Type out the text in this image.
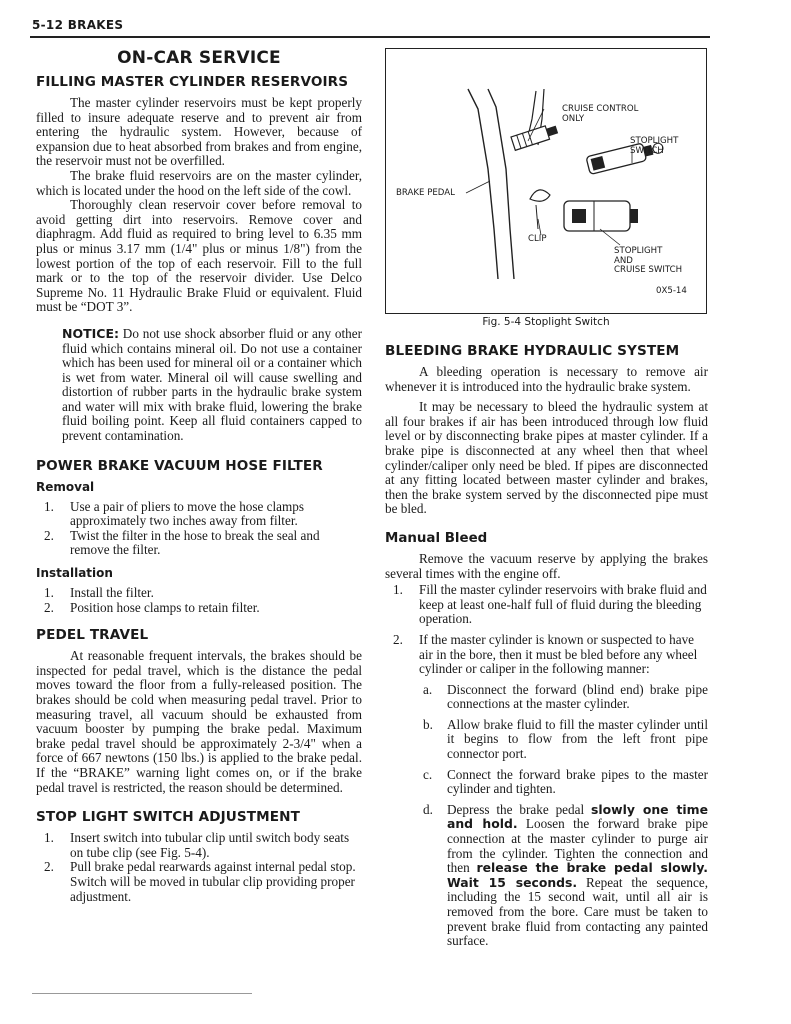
5-12 BRAKES
ON-CAR SERVICE
FILLING MASTER CYLINDER RESERVOIRS

The master cylinder reservoirs must be kept properly filled to insure adequate reserve and to prevent air from entering the hydraulic system. However, because of expansion due to heat absorbed from brakes and from engine, the reservoir must not be overfilled.

The brake fluid reservoirs are on the master cylinder, which is located under the hood on the left side of the cowl.

Thoroughly clean reservoir cover before removal to avoid getting dirt into reservoirs. Remove cover and diaphragm. Add fluid as required to bring level to 6.35 mm plus or minus 3.17 mm (1/4" plus or minus 1/8") from the lowest portion of the top of each reservoir. Fill to the full mark or to the top of the reservoir divider. Use Delco Supreme No. 11 Hydraulic Brake Fluid or equivalent. Fluid must be “DOT 3”.

NOTICE: Do not use shock absorber fluid or any other fluid which contains mineral oil. Do not use a container which has been used for mineral oil or a container which is wet from water. Mineral oil will cause swelling and distortion of rubber parts in the hydraulic brake system and water will mix with brake fluid, lowering the brake fluid boiling point. Keep all fluid containers capped to prevent contamination.

POWER BRAKE VACUUM HOSE FILTER
Removal
1. Use a pair of pliers to move the hose clamps approximately two inches away from filter.
2. Twist the filter in the hose to break the seal and remove the filter.
Installation
1. Install the filter.
2. Position hose clamps to retain filter.
PEDEL TRAVEL

At reasonable frequent intervals, the brakes should be inspected for pedal travel, which is the distance the pedal moves toward the floor from a fully-released position. The brakes should be cold when measuring pedal travel. Prior to measuring travel, all vacuum should be exhausted from vacuum booster by pumping the brake pedal. Maximum brake pedal travel should be approximately 2-3/4" when a force of 667 newtons (150 lbs.) is applied to the brake pedal. If the “BRAKE” warning light comes on, or if the brake pedal travel is restricted, the reason should be determined.

STOP LIGHT SWITCH ADJUSTMENT
1. Insert switch into tubular clip until switch body seats on tube clip (see Fig. 5-4).
2. Pull brake pedal rearwards against internal pedal stop. Switch will be moved in tubular clip providing proper adjustment.
CRUISE CONTROL
ONLY
STOPLIGHT
SWITCH
BRAKE PEDAL
CLIP
STOPLIGHT
AND
CRUISE SWITCH
0X5-14
Fig. 5-4 Stoplight Switch
BLEEDING BRAKE HYDRAULIC SYSTEM

A bleeding operation is necessary to remove air whenever it is introduced into the hydraulic brake system.

It may be necessary to bleed the hydraulic system at all four brakes if air has been introduced through low fluid level or by disconnecting brake pipes at master cylinder. If a brake pipe is disconnected at any wheel then that wheel cylinder/caliper only need be bled. If pipes are disconnected at any fitting located between master cylinder and brakes, then the brake system served by the disconnected pipe must be bled.

Manual Bleed

Remove the vacuum reserve by applying the brakes several times with the engine off.

1. Fill the master cylinder reservoirs with brake fluid and keep at least one-half full of fluid during the bleeding operation.
2. If the master cylinder is known or suspected to have air in the bore, then it must be bled before any wheel cylinder or caliper in the following manner:
a. Disconnect the forward (blind end) brake pipe connections at the master cylinder.
b. Allow brake fluid to fill the master cylinder until it begins to flow from the left front pipe connector port.
c. Connect the forward brake pipes to the master cylinder and tighten.
d. Depress the brake pedal slowly one time and hold. Loosen the forward brake pipe connection at the master cylinder to purge air from the cylinder. Tighten the connection and then release the brake pedal slowly. Wait 15 seconds. Repeat the sequence, including the 15 second wait, until all air is removed from the bore. Care must be taken to prevent brake fluid from contacting any painted surface.
